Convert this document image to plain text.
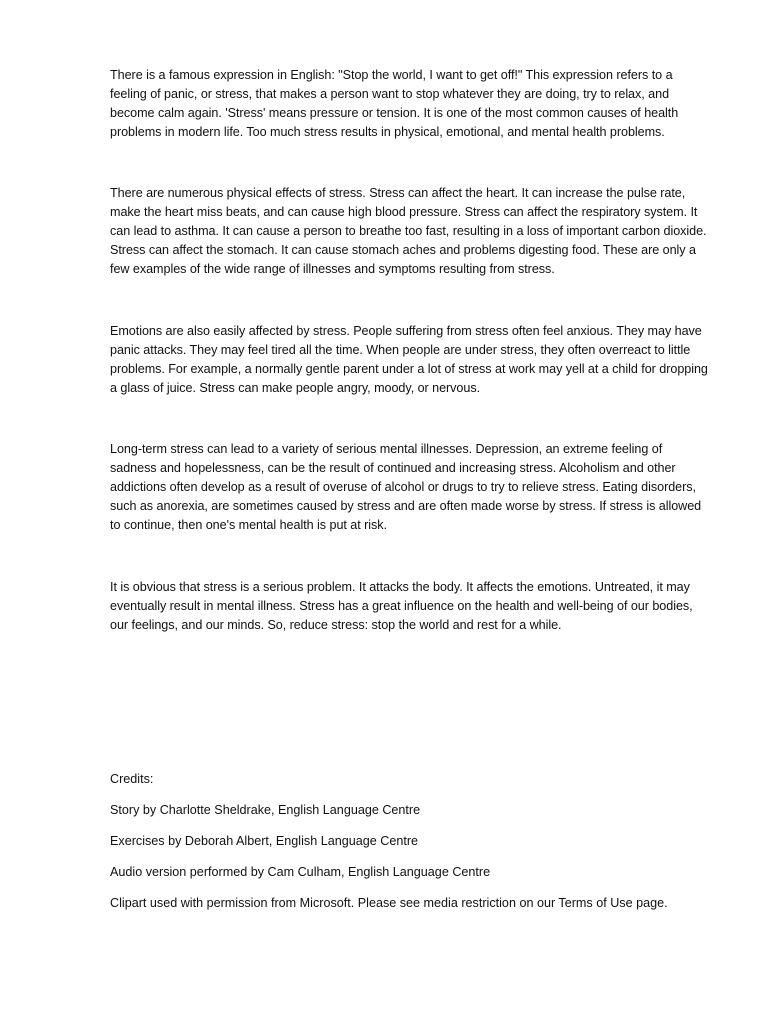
There is a famous expression in English: "Stop the world, I want to get off!" This expression refers to a feeling of panic, or stress, that makes a person want to stop whatever they are doing, try to relax, and become calm again. 'Stress' means pressure or tension. It is one of the most common causes of health problems in modern life. Too much stress results in physical, emotional, and mental health problems.

There are numerous physical effects of stress. Stress can affect the heart. It can increase the pulse rate, make the heart miss beats, and can cause high blood pressure. Stress can affect the respiratory system. It can lead to asthma. It can cause a person to breathe too fast, resulting in a loss of important carbon dioxide. Stress can affect the stomach. It can cause stomach aches and problems digesting food. These are only a few examples of the wide range of illnesses and symptoms resulting from stress.

Emotions are also easily affected by stress. People suffering from stress often feel anxious. They may have panic attacks. They may feel tired all the time. When people are under stress, they often overreact to little problems. For example, a normally gentle parent under a lot of stress at work may yell at a child for dropping a glass of juice. Stress can make people angry, moody, or nervous.

Long-term stress can lead to a variety of serious mental illnesses. Depression, an extreme feeling of sadness and hopelessness, can be the result of continued and increasing stress. Alcoholism and other addictions often develop as a result of overuse of alcohol or drugs to try to relieve stress. Eating disorders, such as anorexia, are sometimes caused by stress and are often made worse by stress. If stress is allowed to continue, then one's mental health is put at risk.

It is obvious that stress is a serious problem. It attacks the body. It affects the emotions. Untreated, it may eventually result in mental illness. Stress has a great influence on the health and well-being of our bodies, our feelings, and our minds. So, reduce stress: stop the world and rest for a while.

Credits:

Story by Charlotte Sheldrake, English Language Centre

Exercises by Deborah Albert, English Language Centre

Audio version performed by Cam Culham, English Language Centre

Clipart used with permission from Microsoft. Please see media restriction on our Terms of Use page.
